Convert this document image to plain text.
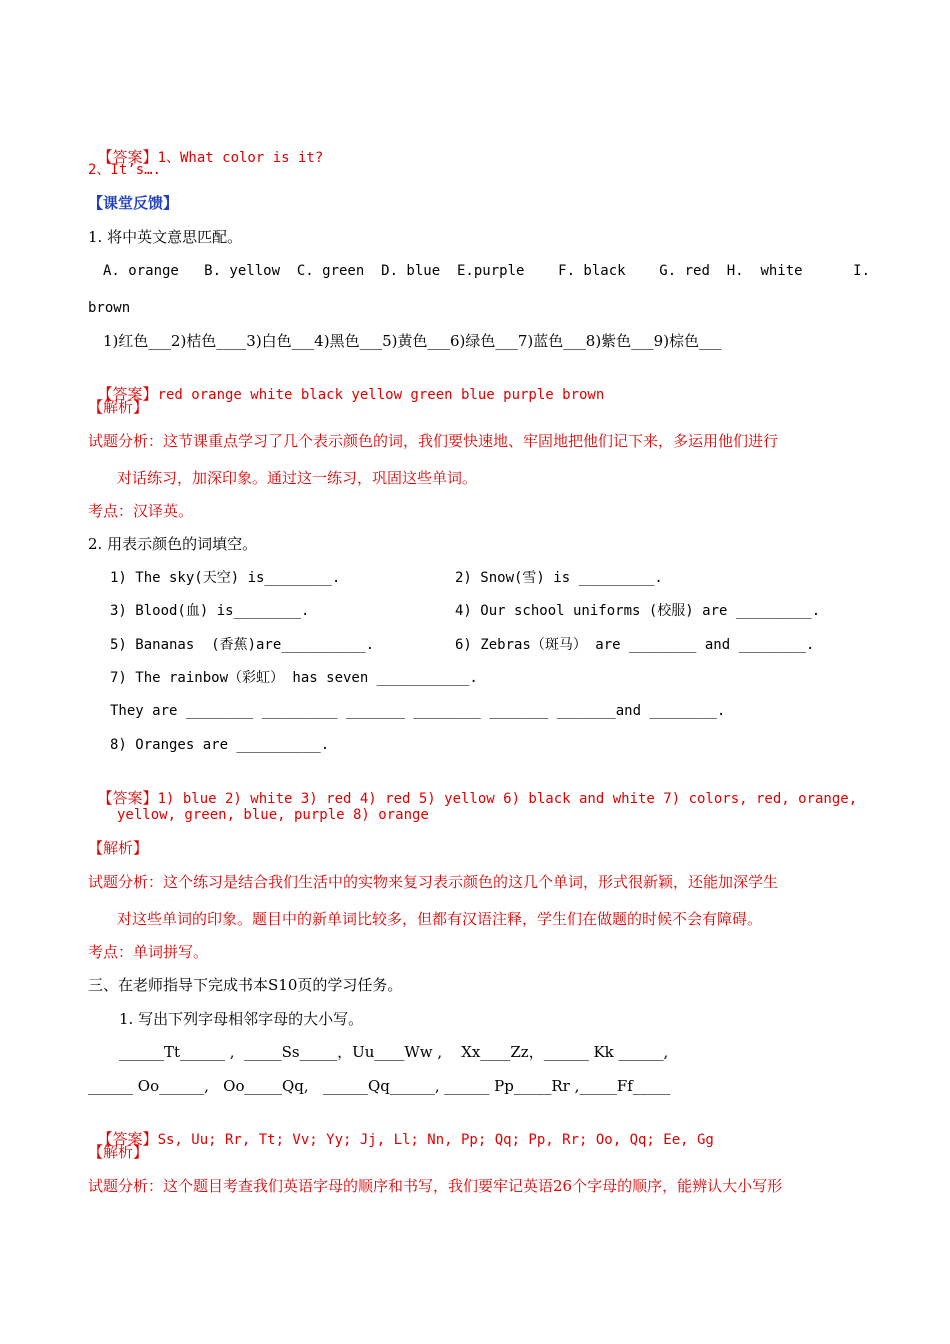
【答案】1、What color is it?

2、It’s….
【课堂反馈】
1. 将中英文意思匹配。
A. orange   B. yellow  C. green  D. blue  E.purple    F. black    G. red  H.  white      I.
brown
1)红色___2)桔色____3)白色___4)黑色___5)黄色___6)绿色___7)蓝色___8)紫色___9)棕色___

【答案】red orange white black yellow green blue purple brown

【解析】
试题分析：这节课重点学习了几个表示颜色的词，我们要快速地、牢固地把他们记下来，多运用他们进行
对话练习，加深印象。通过这一练习，巩固这些单词。
考点：汉译英。
2. 用表示颜色的词填空。
1) The sky(天空) is________.	2) Snow(雪) is _________.
3) Blood(血) is________.	4) Our school uniforms (校服) are _________.
5) Bananas  (香蕉)are__________.	6) Zebras（斑马） are ________ and ________.
7) The rainbow（彩虹） has seven ___________.
They are ________ _________ _______ ________ _______ _______and ________.
8) Oranges are __________.

【答案】1) blue 2) white 3) red 4) red 5) yellow 6) black and white 7) colors, red, orange,

yellow, green, blue, purple 8) orange
【解析】
试题分析：这个练习是结合我们生活中的实物来复习表示颜色的这几个单词，形式很新颖，还能加深学生
对这些单词的印象。题目中的新单词比较多，但都有汉语注释，学生们在做题的时候不会有障碍。
考点：单词拼写。
三、在老师指导下完成书本S10页的学习任务。
1. 写出下列字母相邻字母的大小写。
______Tt______ ,  _____Ss_____，Uu____Ww ,    Xx____Zz，______ Kk ______,
______ Oo______,   Oo_____Qq,   ______Qq______, ______ Pp_____Rr ,_____Ff_____

【答案】Ss, Uu; Rr, Tt; Vv; Yy; Jj, Ll; Nn, Pp; Qq; Pp, Rr; Oo, Qq; Ee, Gg

【解析】
试题分析：这个题目考查我们英语字母的顺序和书写，我们要牢记英语26个字母的顺序，能辨认大小写形
